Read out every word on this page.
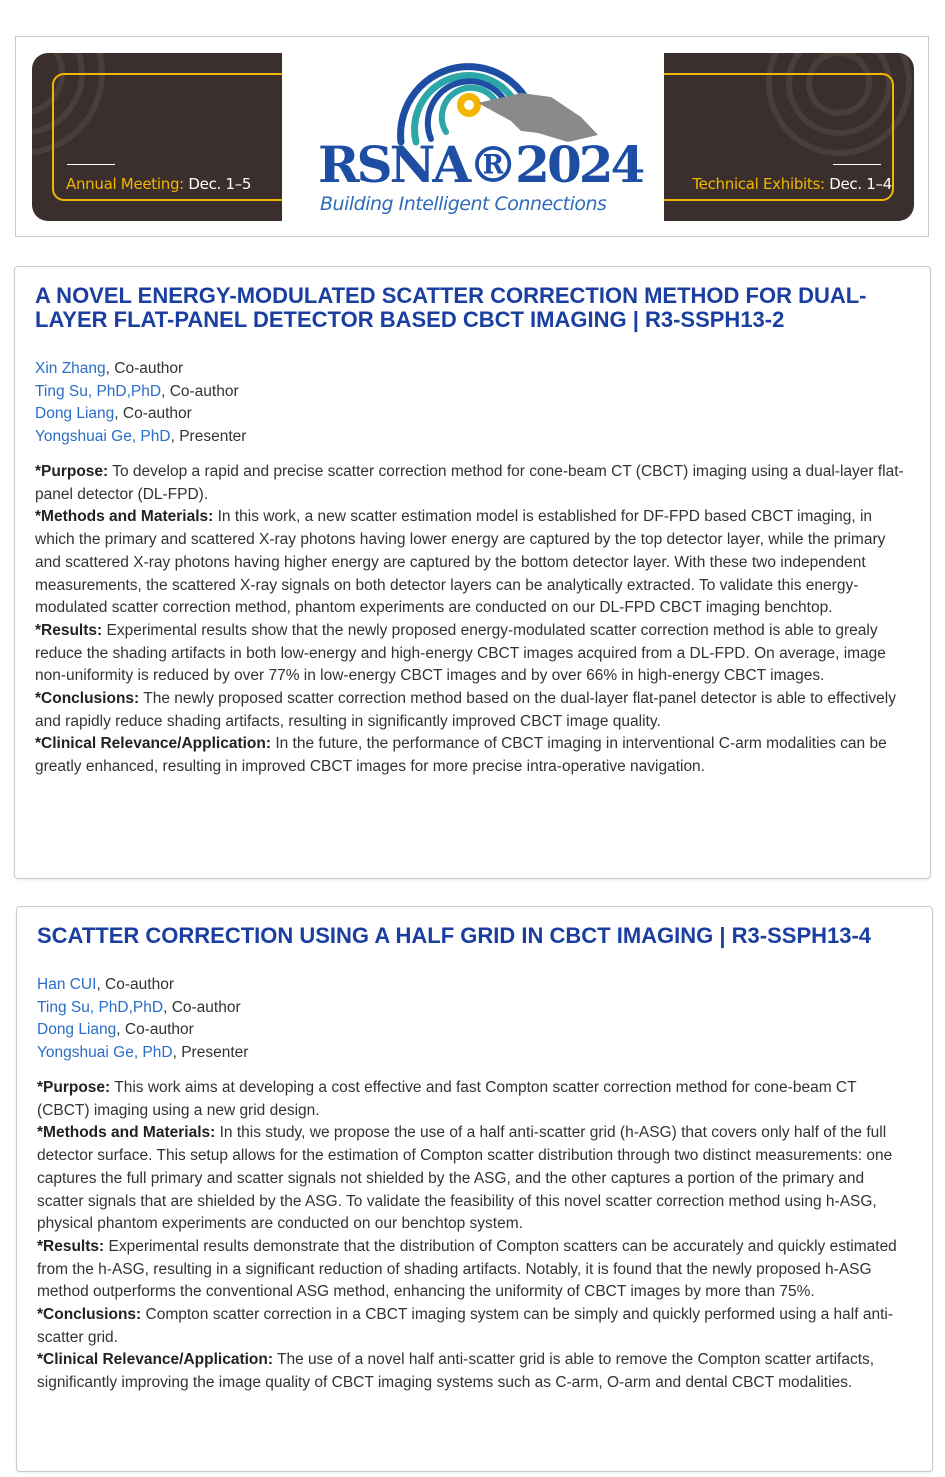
Annual Meeting: Dec. 1–5 RSNA®2024
Building Intelligent Connections
Technical Exhibits: Dec. 1–4
A NOVEL ENERGY-MODULATED SCATTER CORRECTION METHOD FOR DUAL-LAYER FLAT-PANEL DETECTOR BASED CBCT IMAGING | R3-SSPH13-2
Xin Zhang, Co-author
Ting Su, PhD,PhD, Co-author
Dong Liang, Co-author
Yongshuai Ge, PhD, Presenter

*Purpose: To develop a rapid and precise scatter correction method for cone-beam CT (CBCT) imaging using a dual-layer flat-panel detector (DL-FPD).

*Methods and Materials: In this work, a new scatter estimation model is established for DF-FPD based CBCT imaging, in which the primary and scattered X-ray photons having lower energy are captured by the top detector layer, while the primary and scattered X-ray photons having higher energy are captured by the bottom detector layer. With these two independent measurements, the scattered X-ray signals on both detector layers can be analytically extracted. To validate this energy-modulated scatter correction method, phantom experiments are conducted on our DL-FPD CBCT imaging benchtop.

*Results: Experimental results show that the newly proposed energy-modulated scatter correction method is able to grealy reduce the shading artifacts in both low-energy and high-energy CBCT images acquired from a DL-FPD. On average, image non-uniformity is reduced by over 77% in low-energy CBCT images and by over 66% in high-energy CBCT images.

*Conclusions: The newly proposed scatter correction method based on the dual-layer flat-panel detector is able to effectively and rapidly reduce shading artifacts, resulting in significantly improved CBCT image quality.

*Clinical Relevance/Application: In the future, the performance of CBCT imaging in interventional C-arm modalities can be greatly enhanced, resulting in improved CBCT images for more precise intra-operative navigation.

SCATTER CORRECTION USING A HALF GRID IN CBCT IMAGING | R3-SSPH13-4
Han CUI, Co-author
Ting Su, PhD,PhD, Co-author
Dong Liang, Co-author
Yongshuai Ge, PhD, Presenter

*Purpose: This work aims at developing a cost effective and fast Compton scatter correction method for cone-beam CT (CBCT) imaging using a new grid design.

*Methods and Materials: In this study, we propose the use of a half anti-scatter grid (h-ASG) that covers only half of the full detector surface. This setup allows for the estimation of Compton scatter distribution through two distinct measurements: one captures the full primary and scatter signals not shielded by the ASG, and the other captures a portion of the primary and scatter signals that are shielded by the ASG. To validate the feasibility of this novel scatter correction method using h-ASG, physical phantom experiments are conducted on our benchtop system.

*Results: Experimental results demonstrate that the distribution of Compton scatters can be accurately and quickly estimated from the h-ASG, resulting in a significant reduction of shading artifacts. Notably, it is found that the newly proposed h-ASG method outperforms the conventional ASG method, enhancing the uniformity of CBCT images by more than 75%.

*Conclusions: Compton scatter correction in a CBCT imaging system can be simply and quickly performed using a half anti-scatter grid.

*Clinical Relevance/Application: The use of a novel half anti-scatter grid is able to remove the Compton scatter artifacts, significantly improving the image quality of CBCT imaging systems such as C-arm, O-arm and dental CBCT modalities.
